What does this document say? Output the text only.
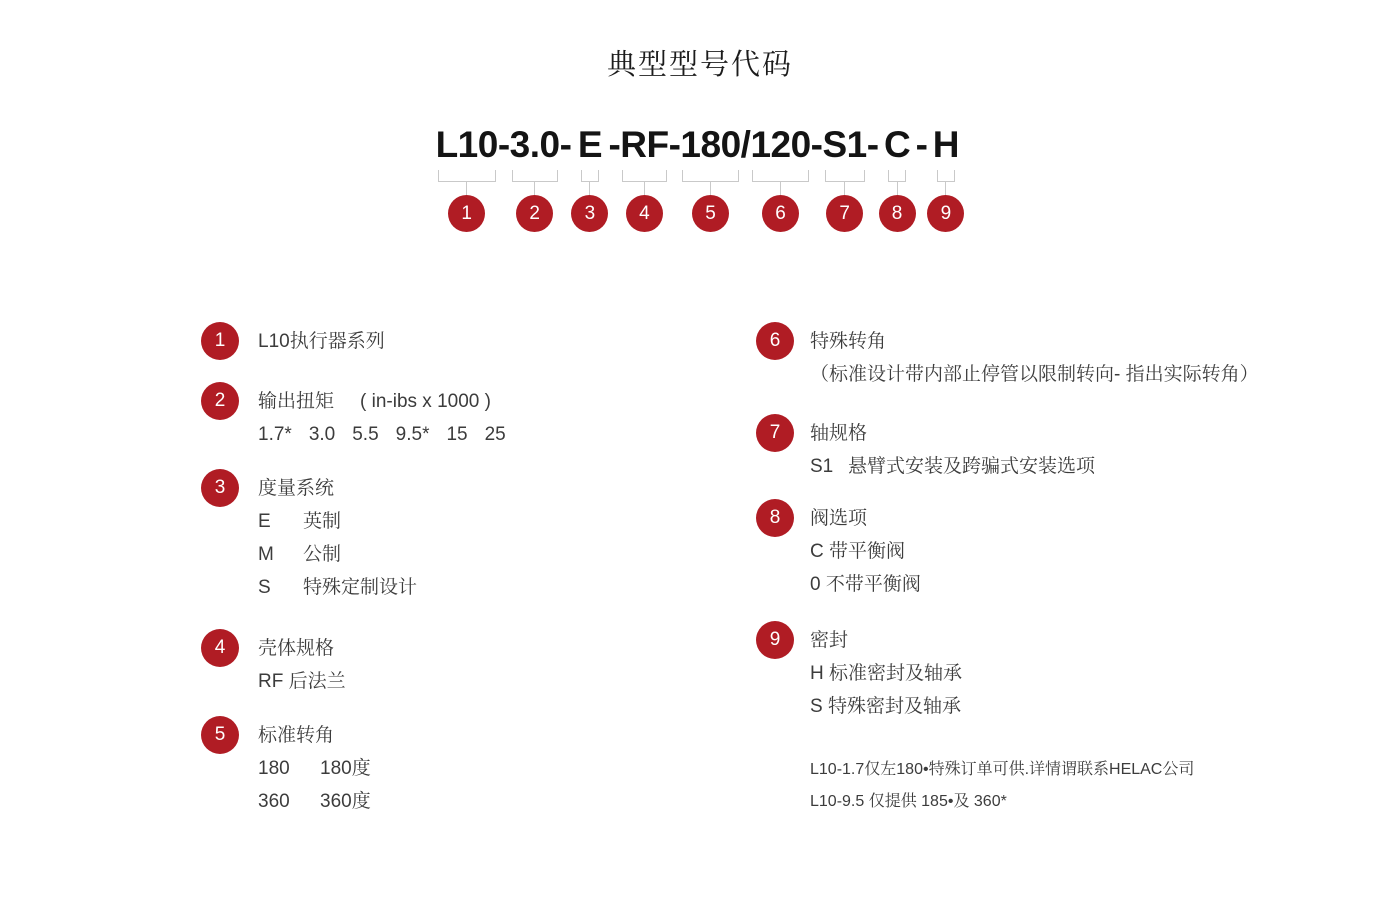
典型型号代码
L10
1
- 3.0
2
- E
3
- RF
4
- 180
5
/ 120
6
- S1
7
- C
8
- H
9
1 L10执行器系列
2 输出扭矩 ( in-ibs x 1000 )
1.7* 3.0 5.5 9.5* 15 25
3 度量系统
E	英制
M	公制
S	特殊定制设计
4 壳体规格
RF 后法兰
5 标准转角
180	180度
360	360度
6 特殊转角
（标准设计带内部止停管以限制转向- 指出实际转角）
7 轴规格
S1 悬臂式安装及跨骗式安装选项
8 阀选项
C 带平衡阀
0 不带平衡阀
9 密封
H 标准密封及轴承
S 特殊密封及轴承
L10-1.7仅左180•特殊订单可供.详情谓联系HELAC公司
L10-9.5 仅提供 185•及 360*
